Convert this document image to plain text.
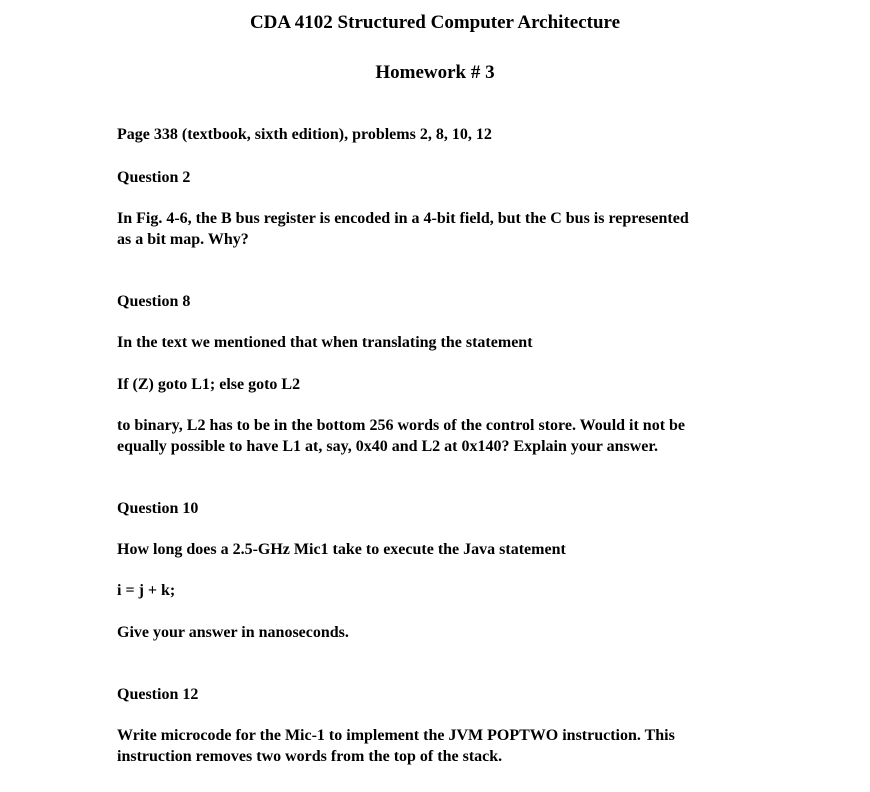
CDA 4102 Structured Computer Architecture
Homework # 3

Page 338 (textbook, sixth edition), problems 2, 8, 10, 12

Question 2

In Fig. 4-6, the B bus register is encoded in a 4-bit field, but the C bus is represented

as a bit map. Why?

Question 8

In the text we mentioned that when translating the statement

If (Z) goto L1; else goto L2

to binary, L2 has to be in the bottom 256 words of the control store. Would it not be

equally possible to have L1 at, say, 0x40 and L2 at 0x140? Explain your answer.

Question 10

How long does a 2.5-GHz Mic1 take to execute the Java statement

i = j + k;

Give your answer in nanoseconds.

Question 12

Write microcode for the Mic-1 to implement the JVM POPTWO instruction. This

instruction removes two words from the top of the stack.
